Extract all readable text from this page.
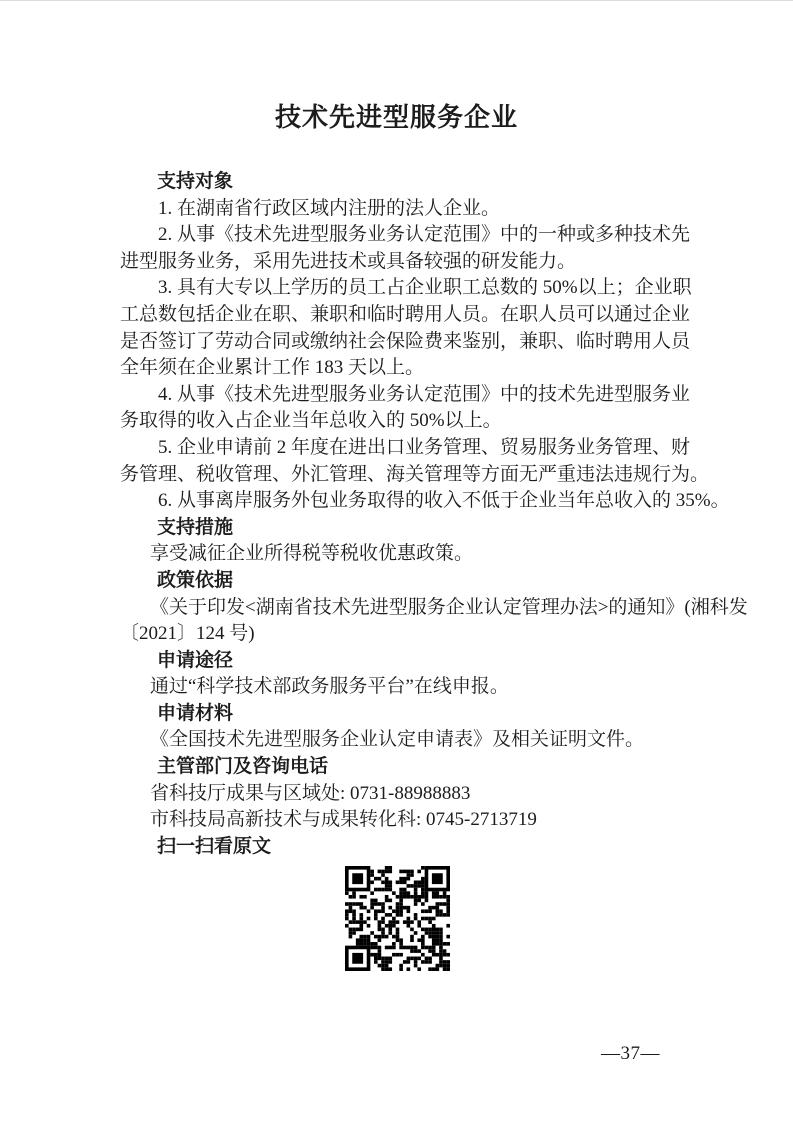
技术先进型服务企业
支持对象
1. 在湖南省行政区域内注册的法人企业。
2. 从事《技术先进型服务业务认定范围》中的一种或多种技术先
进型服务业务，采用先进技术或具备较强的研发能力。
3. 具有大专以上学历的员工占企业职工总数的 50%以上；企业职
工总数包括企业在职、兼职和临时聘用人员。在职人员可以通过企业
是否签订了劳动合同或缴纳社会保险费来鉴别，兼职、临时聘用人员
全年须在企业累计工作 183 天以上。
4. 从事《技术先进型服务业务认定范围》中的技术先进型服务业
务取得的收入占企业当年总收入的 50%以上。
5. 企业申请前 2 年度在进出口业务管理、贸易服务业务管理、财
务管理、税收管理、外汇管理、海关管理等方面无严重违法违规行为。
6. 从事离岸服务外包业务取得的收入不低于企业当年总收入的 35%。
支持措施
享受减征企业所得税等税收优惠政策。
政策依据
《关于印发<湖南省技术先进型服务企业认定管理办法>的通知》(湘科发
〔2021〕124 号)
申请途径
通过“科学技术部政务服务平台”在线申报。
申请材料
《全国技术先进型服务企业认定申请表》及相关证明文件。
主管部门及咨询电话
省科技厅成果与区域处: 0731-88988883
市科技局高新技术与成果转化科: 0745-2713719
扫一扫看原文
—37—
